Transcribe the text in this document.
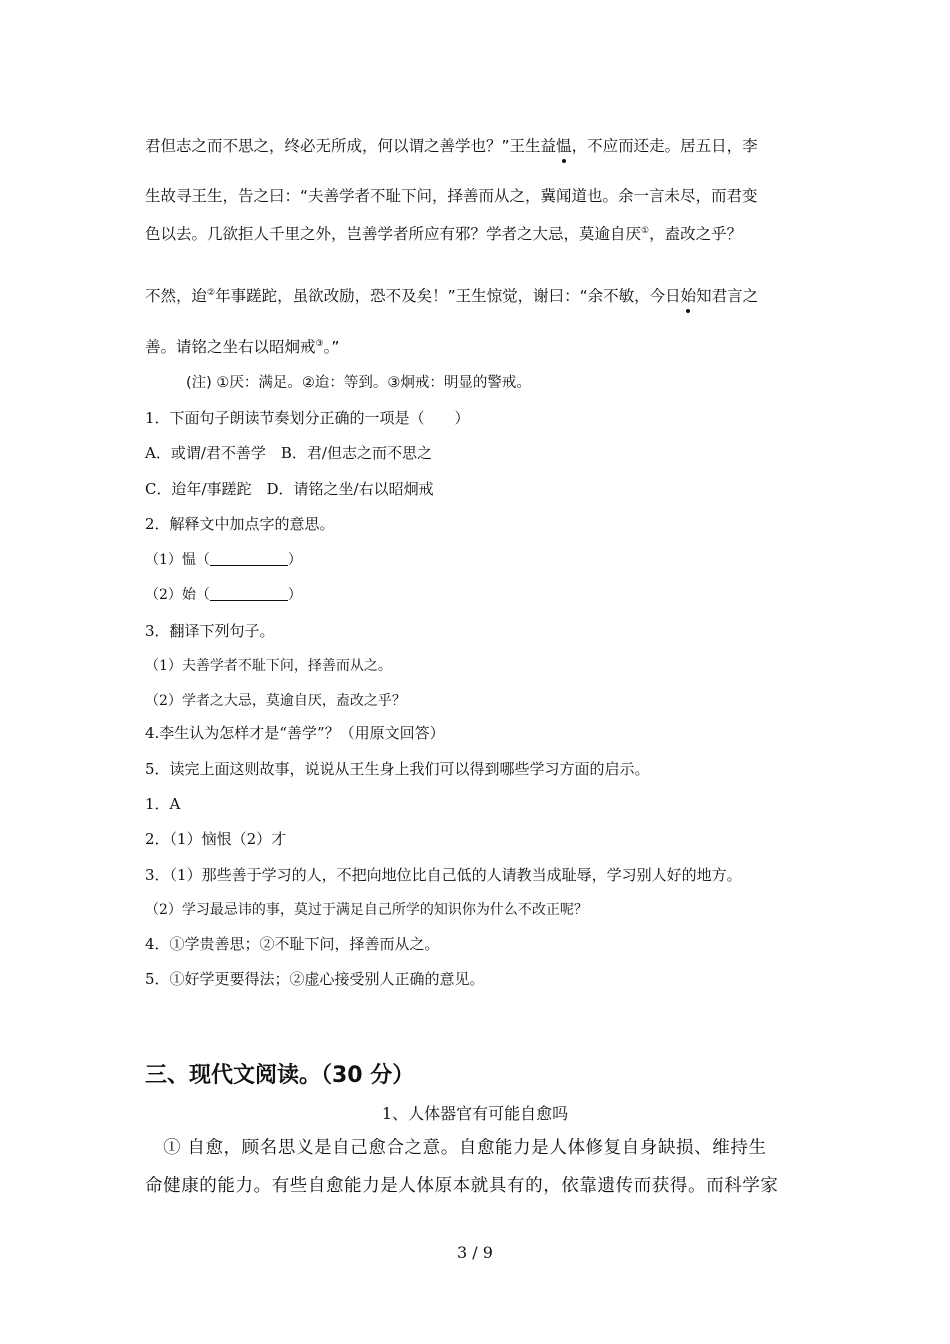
君但志之而不思之，终必无所成，何以谓之善学也？”王生益愠，不应而还走。居五日，李
生故寻王生，告之曰：“夫善学者不耻下问，择善而从之，冀闻道也。余一言未尽，而君变
色以去。几欲拒人千里之外，岂善学者所应有邪？学者之大忌，莫逾自厌①，盍改之乎？
不然，迨②年事蹉跎，虽欲改励，恐不及矣！”王生惊觉，谢曰：“余不敏，今日始知君言之
善。请铭之坐右以昭炯戒③。”
(注) ①厌：满足。②迨：等到。③炯戒：明显的警戒。
1．下面句子朗读节奏划分正确的一项是（　　）
A．或谓/君不善学　B．君/但志之而不思之
C．迨年/事蹉跎　D．请铭之坐/右以昭炯戒
2．解释文中加点字的意思。
（1）愠（	）
（2）始（	）
3．翻译下列句子。
（1）夫善学者不耻下问，择善而从之。
（2）学者之大忌，莫逾自厌，盍改之乎？
4.李生认为怎样才是“善学”？（用原文回答）
5．读完上面这则故事，说说从王生身上我们可以得到哪些学习方面的启示。
1．A
2．（1）恼恨（2）才
3．（1）那些善于学习的人，不把向地位比自己低的人请教当成耻辱，学习别人好的地方。
（2）学习最忌讳的事，莫过于满足自己所学的知识你为什么不改正呢？
4．①学贵善思；②不耻下问，择善而从之。
5．①好学更要得法；②虚心接受别人正确的意见。
三、现代文阅读。（30 分）
1、人体器官有可能自愈吗
　① 自愈，顾名思义是自己愈合之意。自愈能力是人体修复自身缺损、维持生
命健康的能力。有些自愈能力是人体原本就具有的，依靠遗传而获得。而科学家
3 / 9
